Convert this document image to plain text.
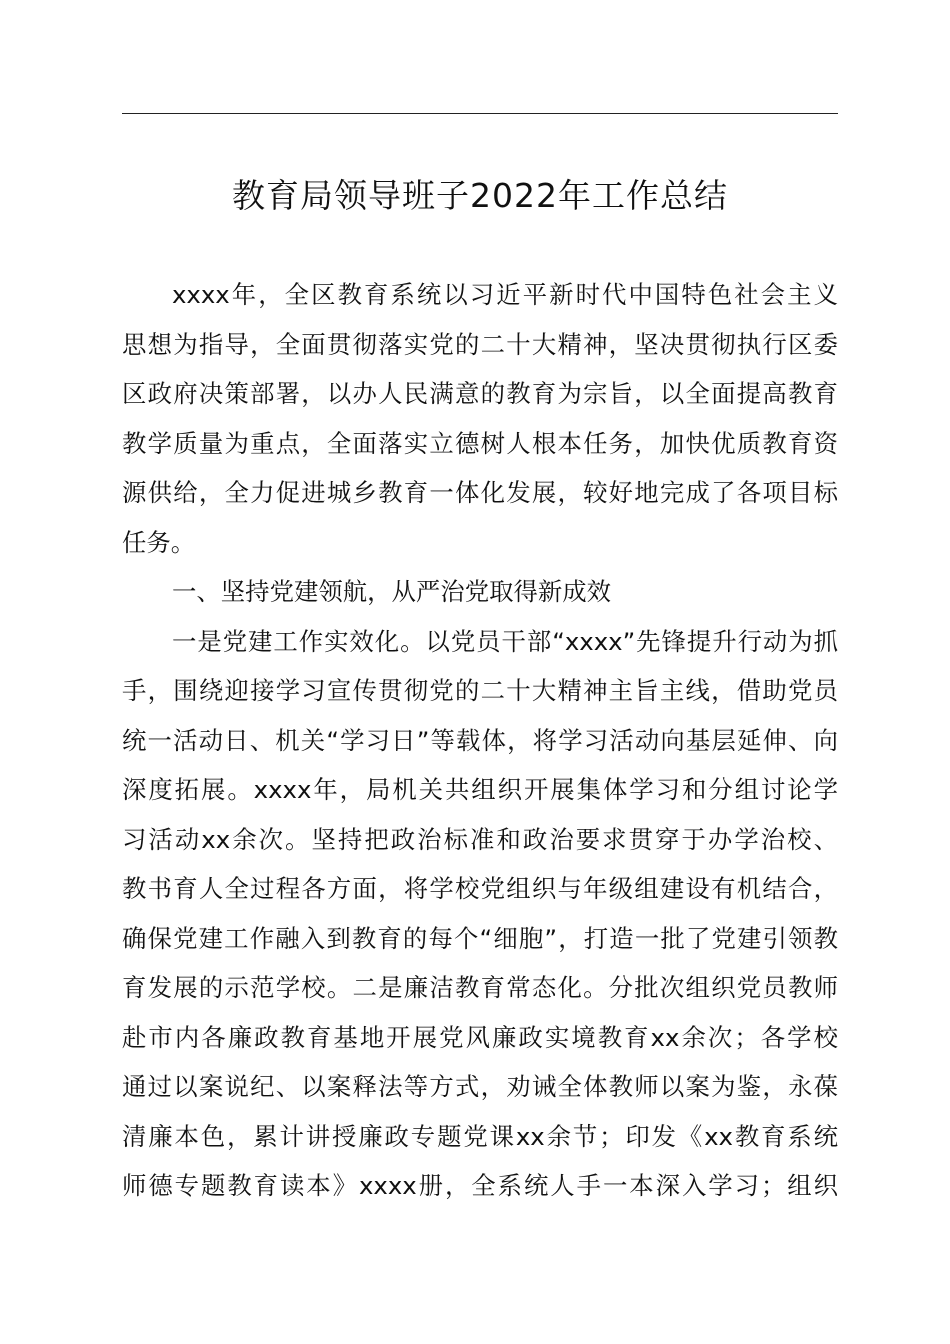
教育局领导班子2022年工作总结
xxxx年，全区教育系统以习近平新时代中国特色社会主义
思想为指导，全面贯彻落实党的二十大精神，坚决贯彻执行区委
区政府决策部署，以办人民满意的教育为宗旨，以全面提高教育
教学质量为重点，全面落实立德树人根本任务，加快优质教育资
源供给，全力促进城乡教育一体化发展，较好地完成了各项目标
任务。
一、坚持党建领航，从严治党取得新成效
一是党建工作实效化。以党员干部“xxxx”先锋提升行动为抓
手，围绕迎接学习宣传贯彻党的二十大精神主旨主线，借助党员
统一活动日、机关“学习日”等载体，将学习活动向基层延伸、向
深度拓展。xxxx年，局机关共组织开展集体学习和分组讨论学
习活动xx余次。坚持把政治标准和政治要求贯穿于办学治校、
教书育人全过程各方面，将学校党组织与年级组建设有机结合，
确保党建工作融入到教育的每个“细胞”，打造一批了党建引领教
育发展的示范学校。二是廉洁教育常态化。分批次组织党员教师
赴市内各廉政教育基地开展党风廉政实境教育xx余次；各学校
通过以案说纪、以案释法等方式，劝诫全体教师以案为鉴，永葆
清廉本色，累计讲授廉政专题党课xx余节；印发《xx教育系统
师德专题教育读本》xxxx册，全系统人手一本深入学习；组织
